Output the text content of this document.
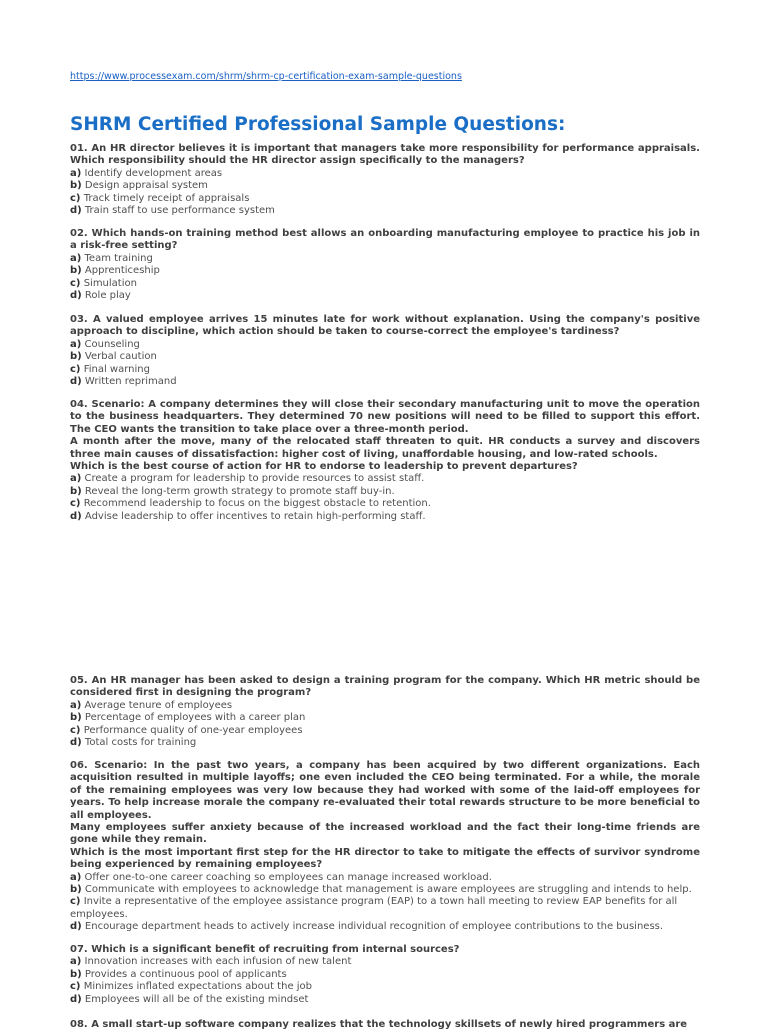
https://www.processexam.com/shrm/shrm-cp-certification-exam-sample-questions
SHRM Certified Professional Sample Questions:
01. An HR director believes it is important that managers take more responsibility for performance appraisals. Which responsibility should the HR director assign specifically to the managers?
a) Identify development areas
b) Design appraisal system
c) Track timely receipt of appraisals
d) Train staff to use performance system
02. Which hands-on training method best allows an onboarding manufacturing employee to practice his job in a risk-free setting?
a) Team training
b) Apprenticeship
c) Simulation
d) Role play
03. A valued employee arrives 15 minutes late for work without explanation. Using the company's positive approach to discipline, which action should be taken to course-correct the employee's tardiness?
a) Counseling
b) Verbal caution
c) Final warning
d) Written reprimand
04. Scenario: A company determines they will close their secondary manufacturing unit to move the operation to the business headquarters. They determined 70 new positions will need to be filled to support this effort. The CEO wants the transition to take place over a three-month period.
A month after the move, many of the relocated staff threaten to quit. HR conducts a survey and discovers three main causes of dissatisfaction: higher cost of living, unaffordable housing, and low-rated schools.
Which is the best course of action for HR to endorse to leadership to prevent departures?
a) Create a program for leadership to provide resources to assist staff.
b) Reveal the long-term growth strategy to promote staff buy-in.
c) Recommend leadership to focus on the biggest obstacle to retention.
d) Advise leadership to offer incentives to retain high-performing staff.
05. An HR manager has been asked to design a training program for the company. Which HR metric should be considered first in designing the program?
a) Average tenure of employees
b) Percentage of employees with a career plan
c) Performance quality of one-year employees
d) Total costs for training
06. Scenario: In the past two years, a company has been acquired by two different organizations. Each acquisition resulted in multiple layoffs; one even included the CEO being terminated. For a while, the morale of the remaining employees was very low because they had worked with some of the laid-off employees for years. To help increase morale the company re-evaluated their total rewards structure to be more beneficial to all employees.
Many employees suffer anxiety because of the increased workload and the fact their long-time friends are gone while they remain.
Which is the most important first step for the HR director to take to mitigate the effects of survivor syndrome being experienced by remaining employees?
a) Offer one-to-one career coaching so employees can manage increased workload.
b) Communicate with employees to acknowledge that management is aware employees are struggling and intends to help.
c) Invite a representative of the employee assistance program (EAP) to a town hall meeting to review EAP benefits for all employees.
d) Encourage department heads to actively increase individual recognition of employee contributions to the business.
07. Which is a significant benefit of recruiting from internal sources?
a) Innovation increases with each infusion of new talent
b) Provides a continuous pool of applicants
c) Minimizes inflated expectations about the job
d) Employees will all be of the existing mindset
08. A small start-up software company realizes that the technology skillsets of newly hired programmers are
